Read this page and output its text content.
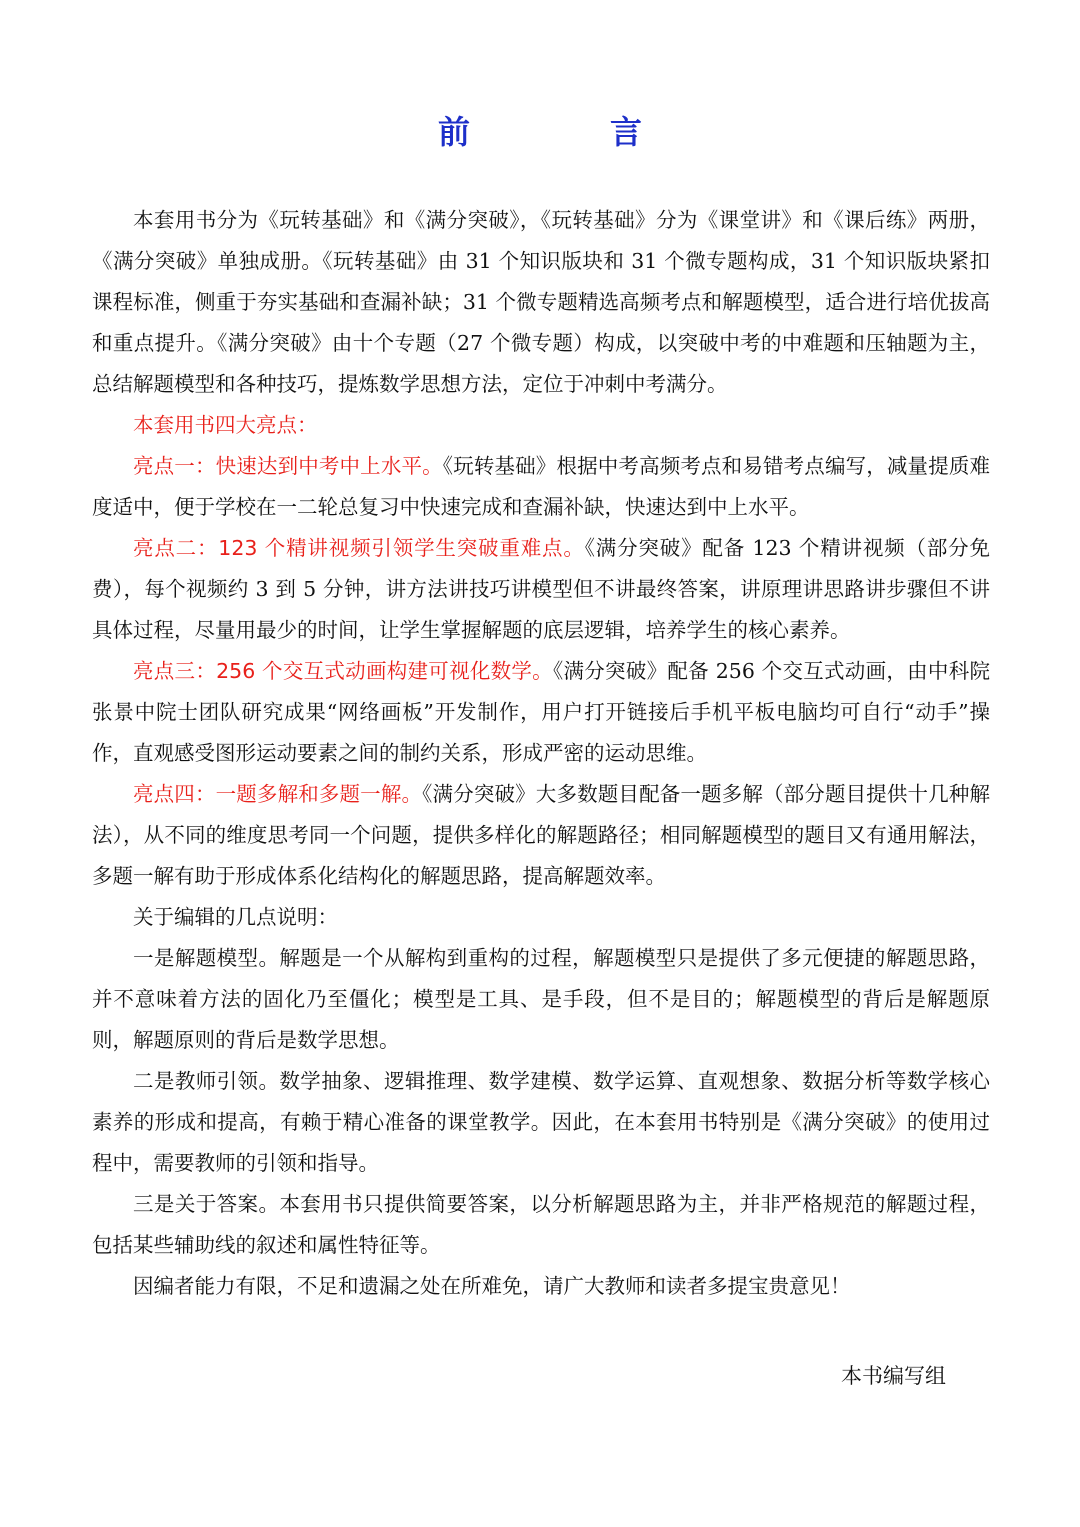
前　言

本套用书分为《玩转基础》和《满分突破》，《玩转基础》分为《课堂讲》和《课后练》两册，《满分突破》单独成册。《玩转基础》由 31 个知识版块和 31 个微专题构成，31 个知识版块紧扣课程标准，侧重于夯实基础和查漏补缺；31 个微专题精选高频考点和解题模型，适合进行培优拔高和重点提升。《满分突破》由十个专题（27 个微专题）构成，以突破中考的中难题和压轴题为主，总结解题模型和各种技巧，提炼数学思想方法，定位于冲刺中考满分。

本套用书四大亮点：

亮点一：快速达到中考中上水平。《玩转基础》根据中考高频考点和易错考点编写，减量提质难度适中，便于学校在一二轮总复习中快速完成和查漏补缺，快速达到中上水平。

亮点二：123 个精讲视频引领学生突破重难点。《满分突破》配备 123 个精讲视频（部分免费），每个视频约 3 到 5 分钟，讲方法讲技巧讲模型但不讲最终答案，讲原理讲思路讲步骤但不讲具体过程，尽量用最少的时间，让学生掌握解题的底层逻辑，培养学生的核心素养。

亮点三：256 个交互式动画构建可视化数学。《满分突破》配备 256 个交互式动画，由中科院张景中院士团队研究成果“网络画板”开发制作，用户打开链接后手机平板电脑均可自行“动手”操作，直观感受图形运动要素之间的制约关系，形成严密的运动思维。

亮点四：一题多解和多题一解。《满分突破》大多数题目配备一题多解（部分题目提供十几种解法），从不同的维度思考同一个问题，提供多样化的解题路径；相同解题模型的题目又有通用解法，多题一解有助于形成体系化结构化的解题思路，提高解题效率。

关于编辑的几点说明：

一是解题模型。解题是一个从解构到重构的过程，解题模型只是提供了多元便捷的解题思路，并不意味着方法的固化乃至僵化；模型是工具、是手段，但不是目的；解题模型的背后是解题原则，解题原则的背后是数学思想。

二是教师引领。数学抽象、逻辑推理、数学建模、数学运算、直观想象、数据分析等数学核心素养的形成和提高，有赖于精心准备的课堂教学。因此，在本套用书特别是《满分突破》的使用过程中，需要教师的引领和指导。

三是关于答案。本套用书只提供简要答案，以分析解题思路为主，并非严格规范的解题过程，包括某些辅助线的叙述和属性特征等。

因编者能力有限，不足和遗漏之处在所难免，请广大教师和读者多提宝贵意见！

本书编写组
